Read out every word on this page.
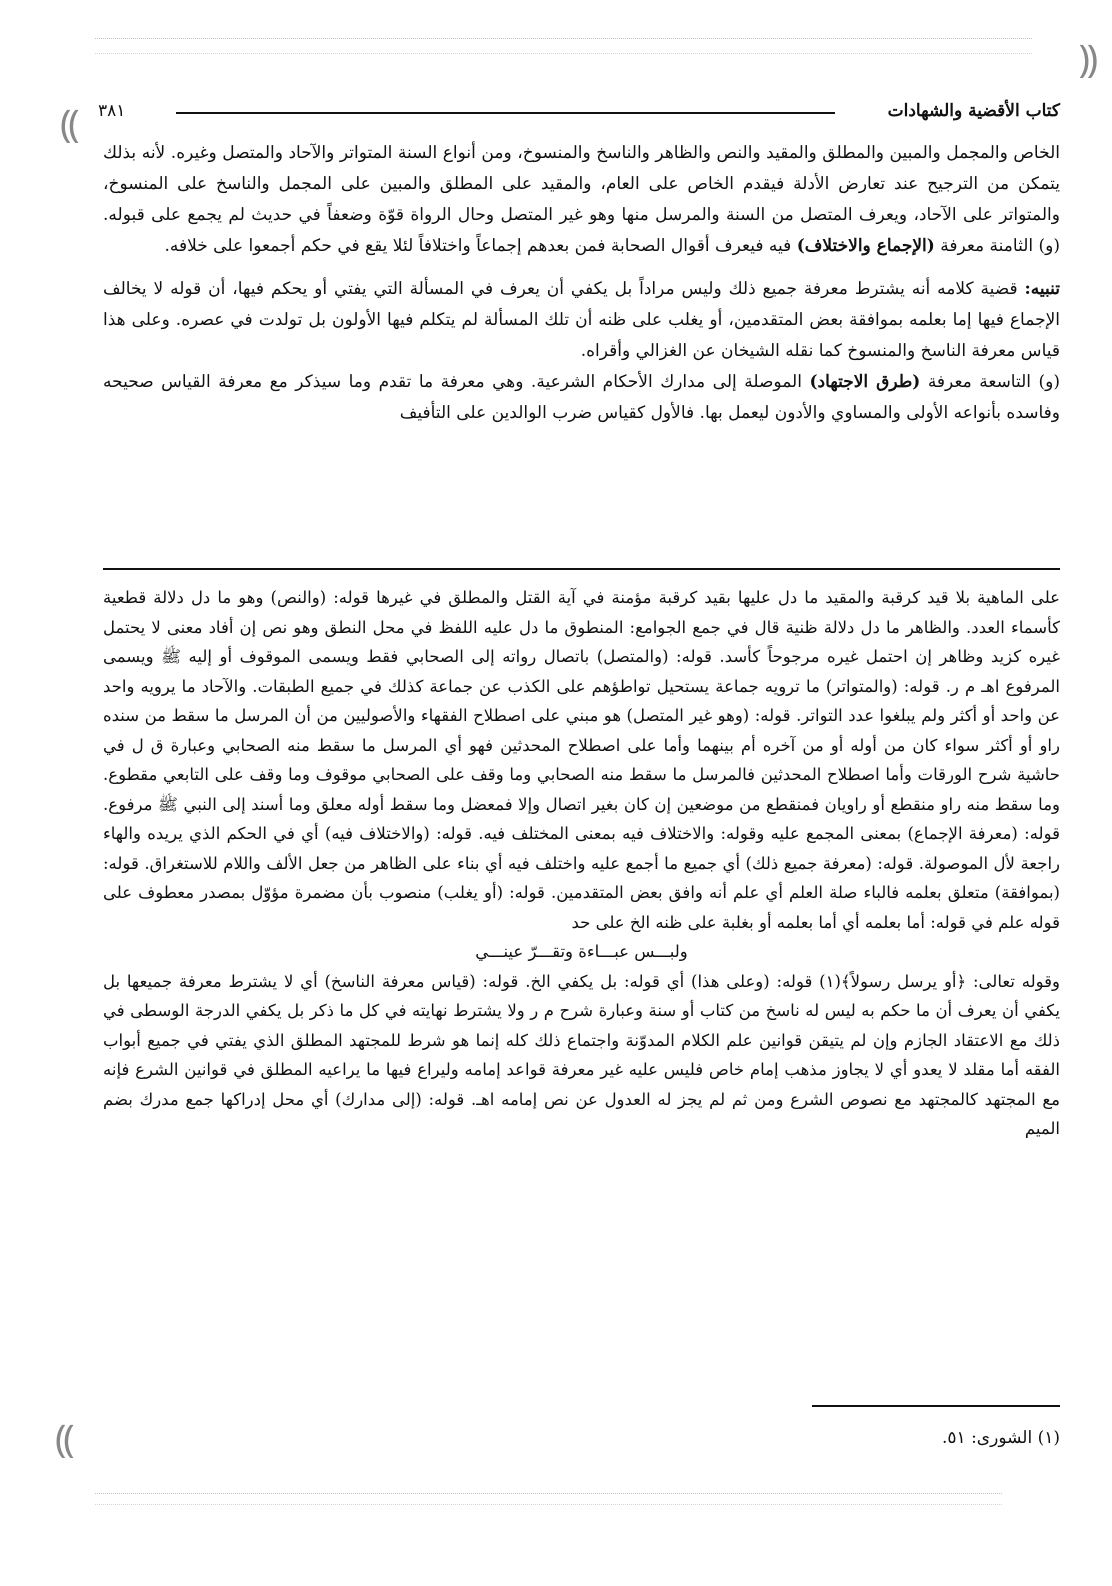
⸨
⸩	كتاب الأقضية والشهادات
٣٨١

الخاص والمجمل والمبين والمطلق والمقيد والنص والظاهر والناسخ والمنسوخ، ومن أنواع السنة المتواتر والآحاد والمتصل وغيره. لأنه بذلك يتمكن من الترجيح عند تعارض الأدلة فيقدم الخاص على العام، والمقيد على المطلق والمبين على المجمل والناسخ على المنسوخ، والمتواتر على الآحاد، ويعرف المتصل من السنة والمرسل منها وهو غير المتصل وحال الرواة قوّة وضعفاً في حديث لم يجمع على قبوله. (و) الثامنة معرفة (الإجماع والاختلاف) فيه فيعرف أقوال الصحابة فمن بعدهم إجماعاً واختلافاً لئلا يقع في حكم أجمعوا على خلافه.

تنبيه: قضية كلامه أنه يشترط معرفة جميع ذلك وليس مراداً بل يكفي أن يعرف في المسألة التي يفتي أو يحكم فيها، أن قوله لا يخالف الإجماع فيها إما بعلمه بموافقة بعض المتقدمين، أو يغلب على ظنه أن تلك المسألة لم يتكلم فيها الأولون بل تولدت في عصره. وعلى هذا قياس معرفة الناسخ والمنسوخ كما نقله الشيخان عن الغزالي وأقراه.

(و) التاسعة معرفة (طرق الاجتهاد) الموصلة إلى مدارك الأحكام الشرعية. وهي معرفة ما تقدم وما سيذكر مع معرفة القياس صحيحه وفاسده بأنواعه الأولى والمساوي والأدون ليعمل بها. فالأول كقياس ضرب الوالدين على التأفيف

على الماهية بلا قيد كرقبة والمقيد ما دل عليها بقيد كرقبة مؤمنة في آية القتل والمطلق في غيرها قوله: (والنص) وهو ما دل دلالة قطعية كأسماء العدد. والظاهر ما دل دلالة ظنية قال في جمع الجوامع: المنطوق ما دل عليه اللفظ في محل النطق وهو نص إن أفاد معنى لا يحتمل غيره كزيد وظاهر إن احتمل غيره مرجوحاً كأسد. قوله: (والمتصل) باتصال رواته إلى الصحابي فقط ويسمى الموقوف أو إليه ﷺ ويسمى المرفوع اهـ م ر. قوله: (والمتواتر) ما ترويه جماعة يستحيل تواطؤهم على الكذب عن جماعة كذلك في جميع الطبقات. والآحاد ما يرويه واحد عن واحد أو أكثر ولم يبلغوا عدد التواتر. قوله: (وهو غير المتصل) هو مبني على اصطلاح الفقهاء والأصوليين من أن المرسل ما سقط من سنده راو أو أكثر سواء كان من أوله أو من آخره أم بينهما وأما على اصطلاح المحدثين فهو أي المرسل ما سقط منه الصحابي وعبارة ق ل في حاشية شرح الورقات وأما اصطلاح المحدثين فالمرسل ما سقط منه الصحابي وما وقف على الصحابي موقوف وما وقف على التابعي مقطوع. وما سقط منه راو منقطع أو راويان فمنقطع من موضعين إن كان بغير اتصال وإلا فمعضل وما سقط أوله معلق وما أسند إلى النبي ﷺ مرفوع. قوله: (معرفة الإجماع) بمعنى المجمع عليه وقوله: والاختلاف فيه بمعنى المختلف فيه. قوله: (والاختلاف فيه) أي في الحكم الذي يريده والهاء راجعة لأل الموصولة. قوله: (معرفة جميع ذلك) أي جميع ما أجمع عليه واختلف فيه أي بناء على الظاهر من جعل الألف واللام للاستغراق. قوله: (بموافقة) متعلق بعلمه فالباء صلة العلم أي علم أنه وافق بعض المتقدمين. قوله: (أو يغلب) منصوب بأن مضمرة مؤوّل بمصدر معطوف على قوله علم في قوله: أما بعلمه أي أما بعلمه أو بغلبة على ظنه الخ على حد

ولبـــس عبـــاءة وتقـــرّ عينـــي

وقوله تعالى: ﴿أو يرسل رسولاً﴾(١) قوله: (وعلى هذا) أي قوله: بل يكفي الخ. قوله: (قياس معرفة الناسخ) أي لا يشترط معرفة جميعها بل يكفي أن يعرف أن ما حكم به ليس له ناسخ من كتاب أو سنة وعبارة شرح م ر ولا يشترط نهايته في كل ما ذكر بل يكفي الدرجة الوسطى في ذلك مع الاعتقاد الجازم وإن لم يتيقن قوانين علم الكلام المدوّنة واجتماع ذلك كله إنما هو شرط للمجتهد المطلق الذي يفتي في جميع أبواب الفقه أما مقلد لا يعدو أي لا يجاوز مذهب إمام خاص فليس عليه غير معرفة قواعد إمامه وليراع فيها ما يراعيه المطلق في قوانين الشرع فإنه مع المجتهد كالمجتهد مع نصوص الشرع ومن ثم لم يجز له العدول عن نص إمامه اهـ. قوله: (إلى مدارك) أي محل إدراكها جمع مدرك بضم الميم

(١) الشورى: ٥١.
⸩
